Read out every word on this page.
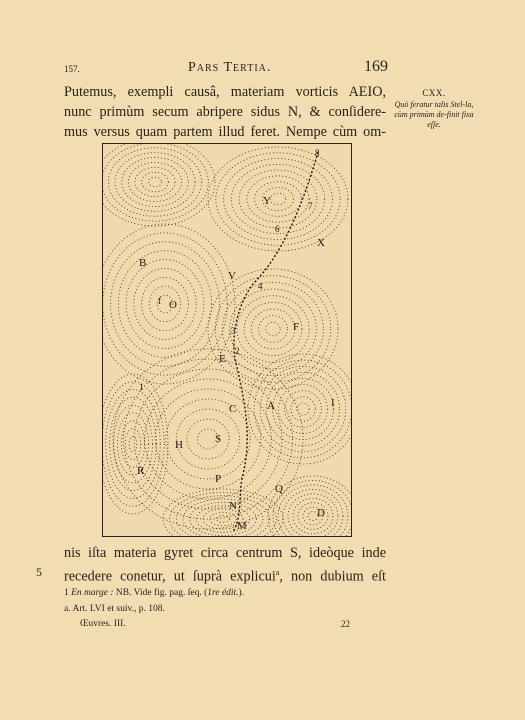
157.	Pars Tertia.	169
Putemus, exempli causâ, materiam vorticis AEIO,
nunc primùm secum abripere sidus N, & conſidere-
mus versus quam partem illud feret. Nempe cùm om-
CXX.
Quò feratur talis Stel-la, cùm primùm de-finit fixa eſſe.
8
Y	7
6
X
B
f O
V
4
3	F
E
2
1
A	I
C
S
H
R
P
Q
N
D
M
nis iſta materia gyret circa centrum S, ideòque inde
recedere conetur, ut ſuprà explicui$^a$, non dubium eſt
5
1 En marge : NB. Vide fig. pag. ſeq. (1re édit.).
a. Art. LVI et suiv., p. 108.
Œuvres. III.	22
